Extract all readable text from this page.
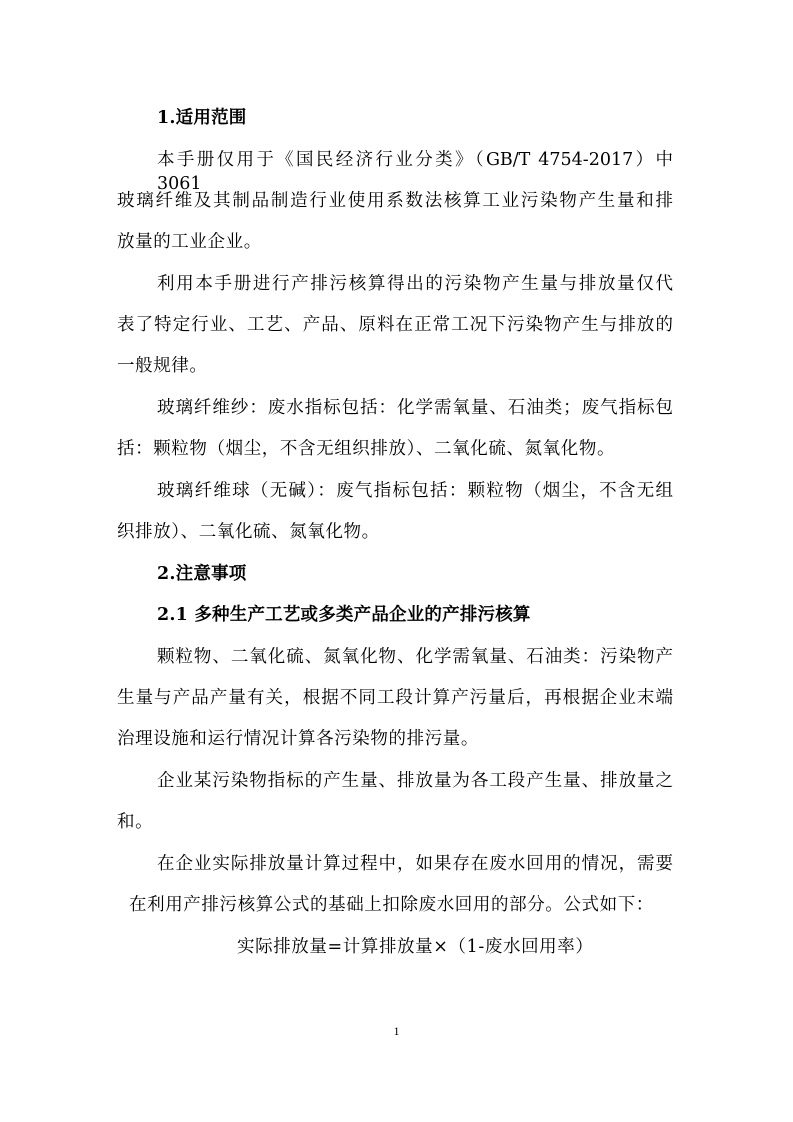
1.适用范围
本手册仅用于《国民经济行业分类》（GB/T 4754-2017）中 3061
玻璃纤维及其制品制造行业使用系数法核算工业污染物产生量和排
放量的工业企业。
利用本手册进行产排污核算得出的污染物产生量与排放量仅代
表了特定行业、工艺、产品、原料在正常工况下污染物产生与排放的
一般规律。
玻璃纤维纱：废水指标包括：化学需氧量、石油类；废气指标包
括：颗粒物（烟尘，不含无组织排放）、二氧化硫、氮氧化物。
玻璃纤维球（无碱）：废气指标包括：颗粒物（烟尘，不含无组
织排放）、二氧化硫、氮氧化物。
2.注意事项
2.1 多种生产工艺或多类产品企业的产排污核算
颗粒物、二氧化硫、氮氧化物、化学需氧量、石油类：污染物产
生量与产品产量有关，根据不同工段计算产污量后，再根据企业末端
治理设施和运行情况计算各污染物的排污量。
企业某污染物指标的产生量、排放量为各工段产生量、排放量之
和。
在企业实际排放量计算过程中，如果存在废水回用的情况，需要
在利用产排污核算公式的基础上扣除废水回用的部分。公式如下：
实际排放量=计算排放量×（1-废水回用率）
1
